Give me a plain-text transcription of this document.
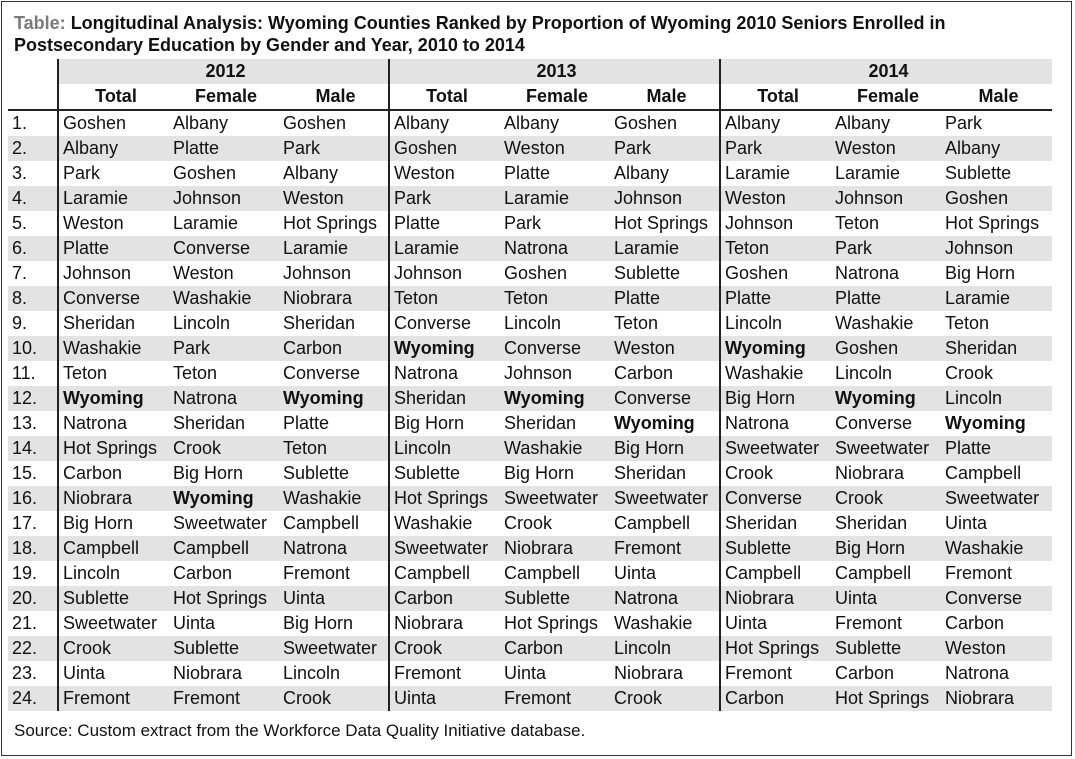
Table: Longitudinal Analysis: Wyoming Counties Ranked by Proportion of Wyoming 2010 Seniors Enrolled in Postsecondary Education by Gender and Year, 2010 to 2014
	2012			2013			2014		
	Total	Female	Male	Total	Female	Male	Total	Female	Male
1.	Goshen	Albany	Goshen	Albany	Albany	Goshen	Albany	Albany	Park
2.	Albany	Platte	Park	Goshen	Weston	Park	Park	Weston	Albany
3.	Park	Goshen	Albany	Weston	Platte	Albany	Laramie	Laramie	Sublette
4.	Laramie	Johnson	Weston	Park	Laramie	Johnson	Weston	Johnson	Goshen
5.	Weston	Laramie	Hot Springs	Platte	Park	Hot Springs	Johnson	Teton	Hot Springs
6.	Platte	Converse	Laramie	Laramie	Natrona	Laramie	Teton	Park	Johnson
7.	Johnson	Weston	Johnson	Johnson	Goshen	Sublette	Goshen	Natrona	Big Horn
8.	Converse	Washakie	Niobrara	Teton	Teton	Platte	Platte	Platte	Laramie
9.	Sheridan	Lincoln	Sheridan	Converse	Lincoln	Teton	Lincoln	Washakie	Teton
10.	Washakie	Park	Carbon	Wyoming	Converse	Weston	Wyoming	Goshen	Sheridan
11.	Teton	Teton	Converse	Natrona	Johnson	Carbon	Washakie	Lincoln	Crook
12.	Wyoming	Natrona	Wyoming	Sheridan	Wyoming	Converse	Big Horn	Wyoming	Lincoln
13.	Natrona	Sheridan	Platte	Big Horn	Sheridan	Wyoming	Natrona	Converse	Wyoming
14.	Hot Springs	Crook	Teton	Lincoln	Washakie	Big Horn	Sweetwater	Sweetwater	Platte
15.	Carbon	Big Horn	Sublette	Sublette	Big Horn	Sheridan	Crook	Niobrara	Campbell
16.	Niobrara	Wyoming	Washakie	Hot Springs	Sweetwater	Sweetwater	Converse	Crook	Sweetwater
17.	Big Horn	Sweetwater	Campbell	Washakie	Crook	Campbell	Sheridan	Sheridan	Uinta
18.	Campbell	Campbell	Natrona	Sweetwater	Niobrara	Fremont	Sublette	Big Horn	Washakie
19.	Lincoln	Carbon	Fremont	Campbell	Campbell	Uinta	Campbell	Campbell	Fremont
20.	Sublette	Hot Springs	Uinta	Carbon	Sublette	Natrona	Niobrara	Uinta	Converse
21.	Sweetwater	Uinta	Big Horn	Niobrara	Hot Springs	Washakie	Uinta	Fremont	Carbon
22.	Crook	Sublette	Sweetwater	Crook	Carbon	Lincoln	Hot Springs	Sublette	Weston
23.	Uinta	Niobrara	Lincoln	Fremont	Uinta	Niobrara	Fremont	Carbon	Natrona
24.	Fremont	Fremont	Crook	Uinta	Fremont	Crook	Carbon	Hot Springs	Niobrara
Source: Custom extract from the Workforce Data Quality Initiative database.
